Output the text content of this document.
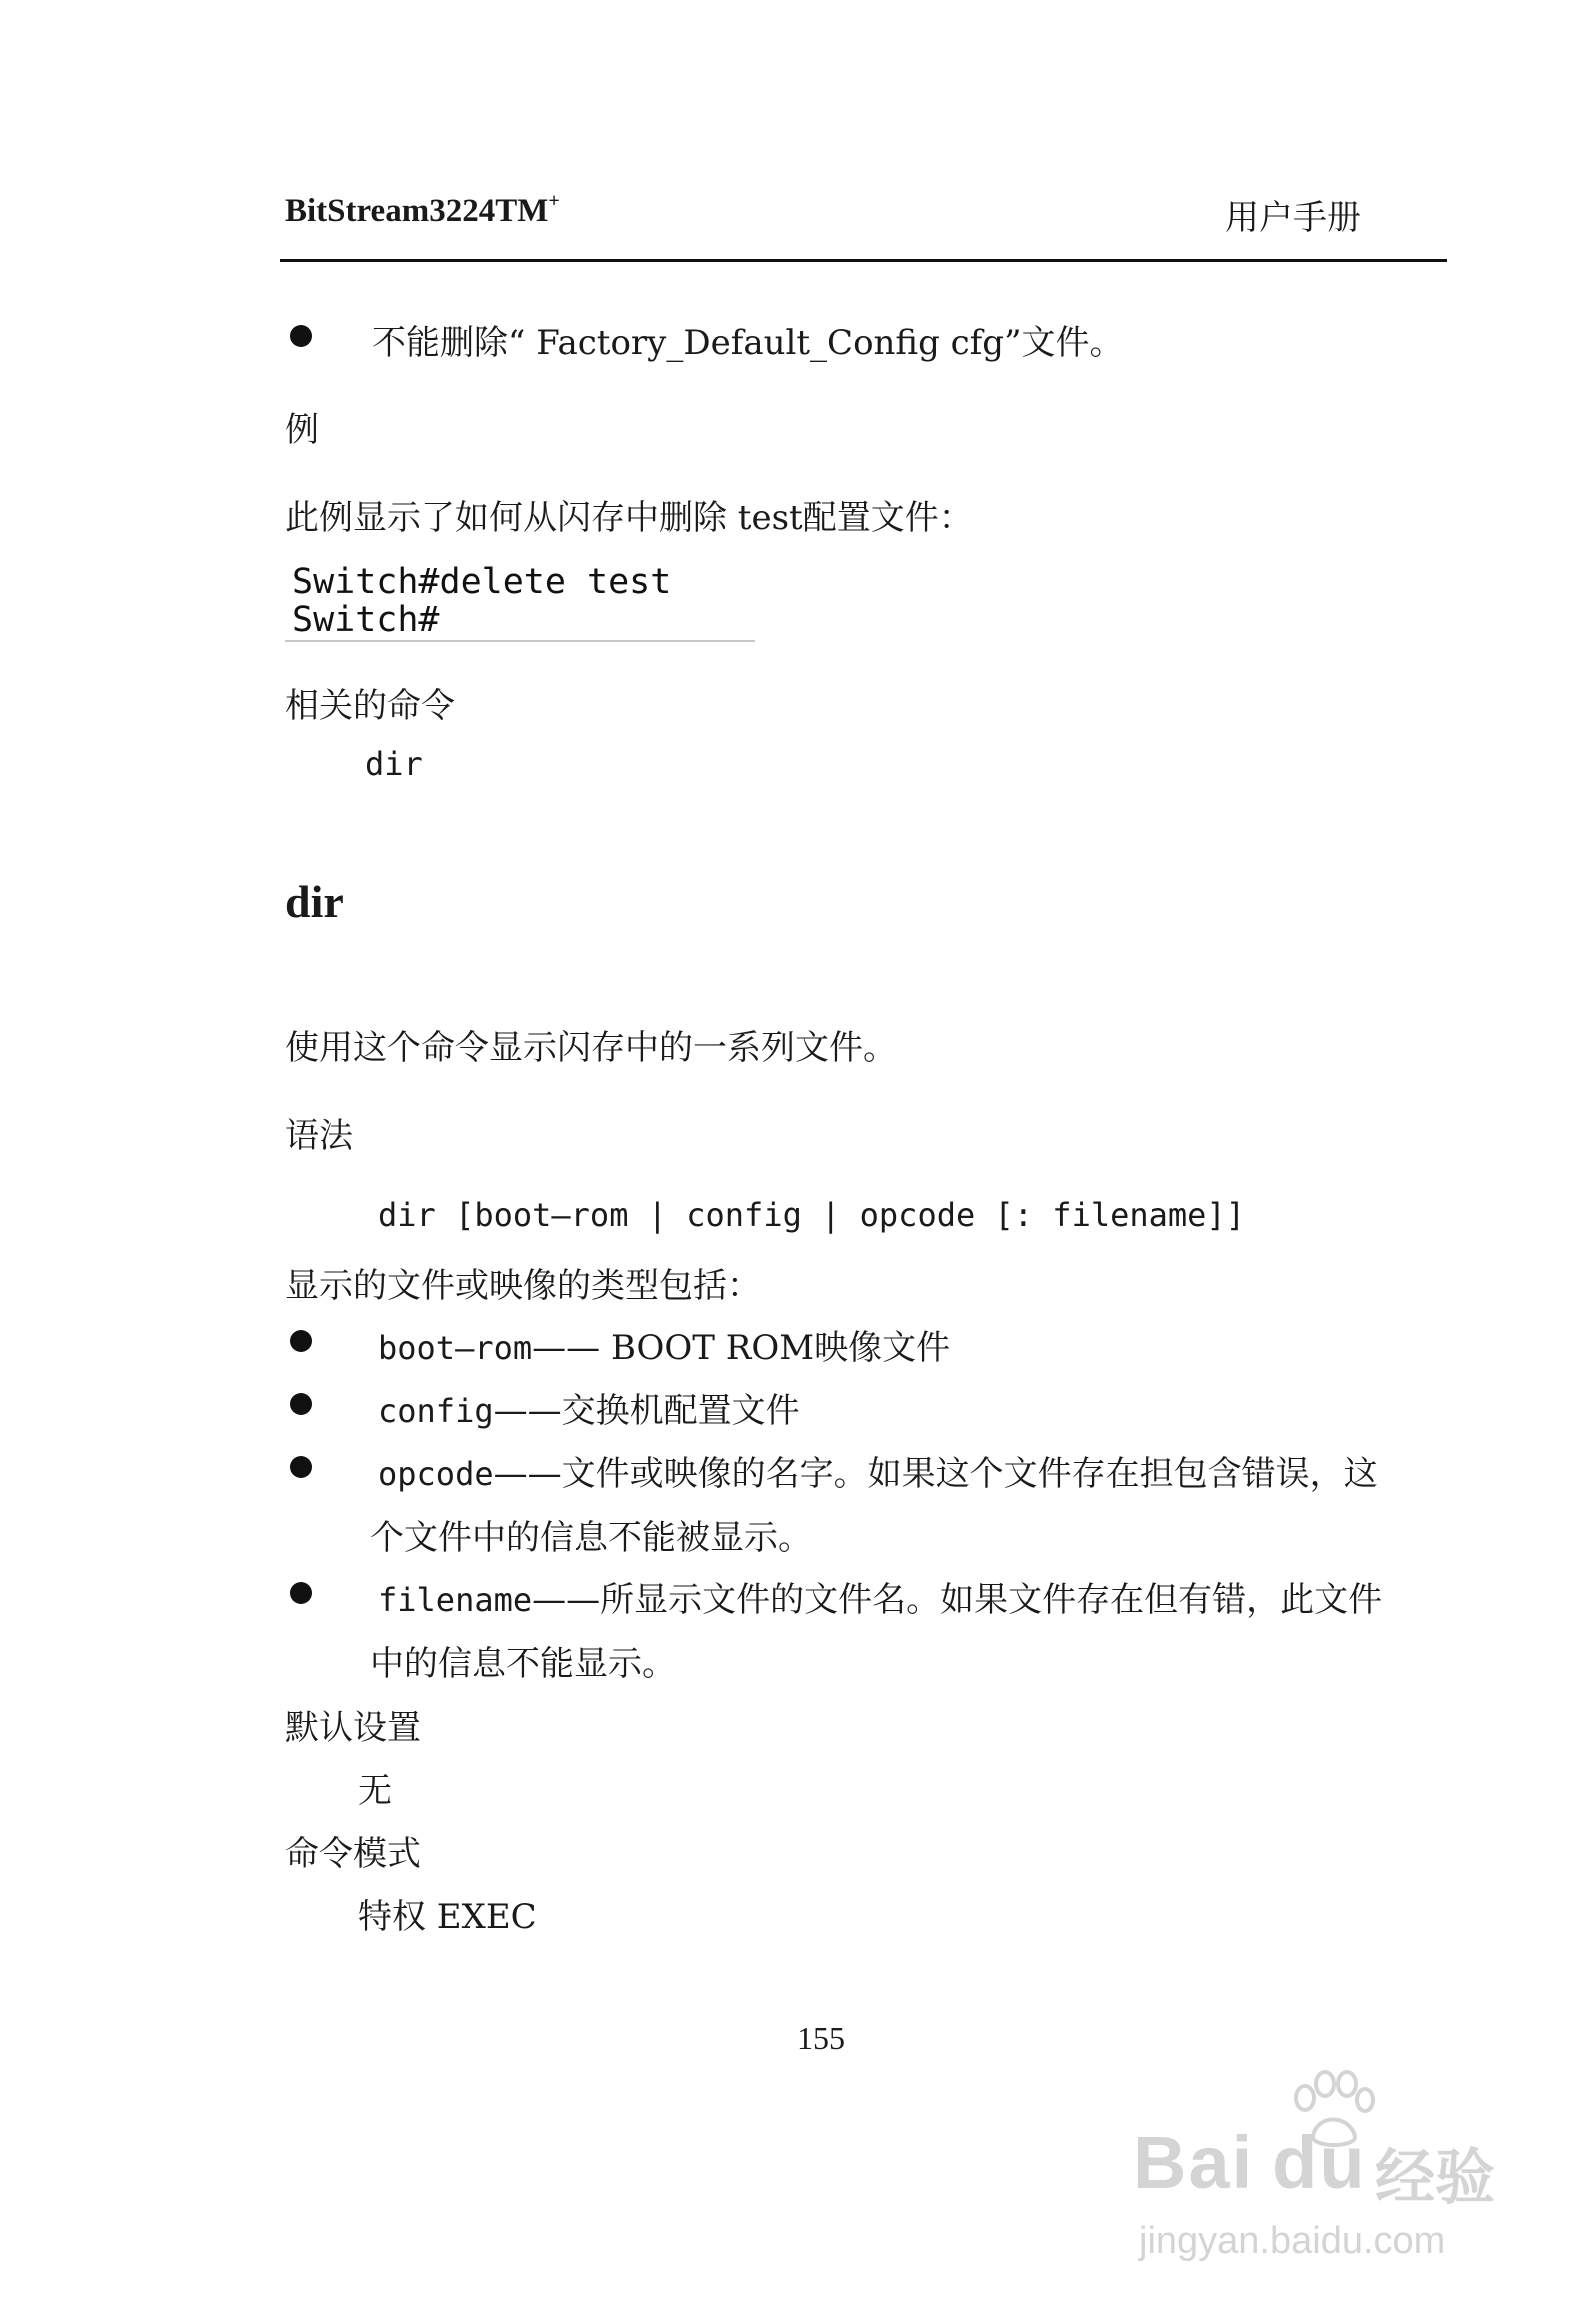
BitStream3224TM+	用户手册
不能删除“ Factory_Default_Config cfg”文件。
例
此例显示了如何从闪存中删除 test配置文件：
Switch#delete test
Switch#
相关的命令
dir
dir
使用这个命令显示闪存中的一系列文件。
语法
dir [boot—rom | config | opcode [: filename]]
显示的文件或映像的类型包括：
boot—rom—— BOOT ROM映像文件
config——交换机配置文件
opcode——文件或映像的名字。如果这个文件存在担包含错误，这
个文件中的信息不能被显示。
filename——所显示文件的文件名。如果文件存在但有错，此文件
中的信息不能显示。
默认设置
无
命令模式
特权 EXEC
155
Bai du 经验
jingyan.baidu.com
